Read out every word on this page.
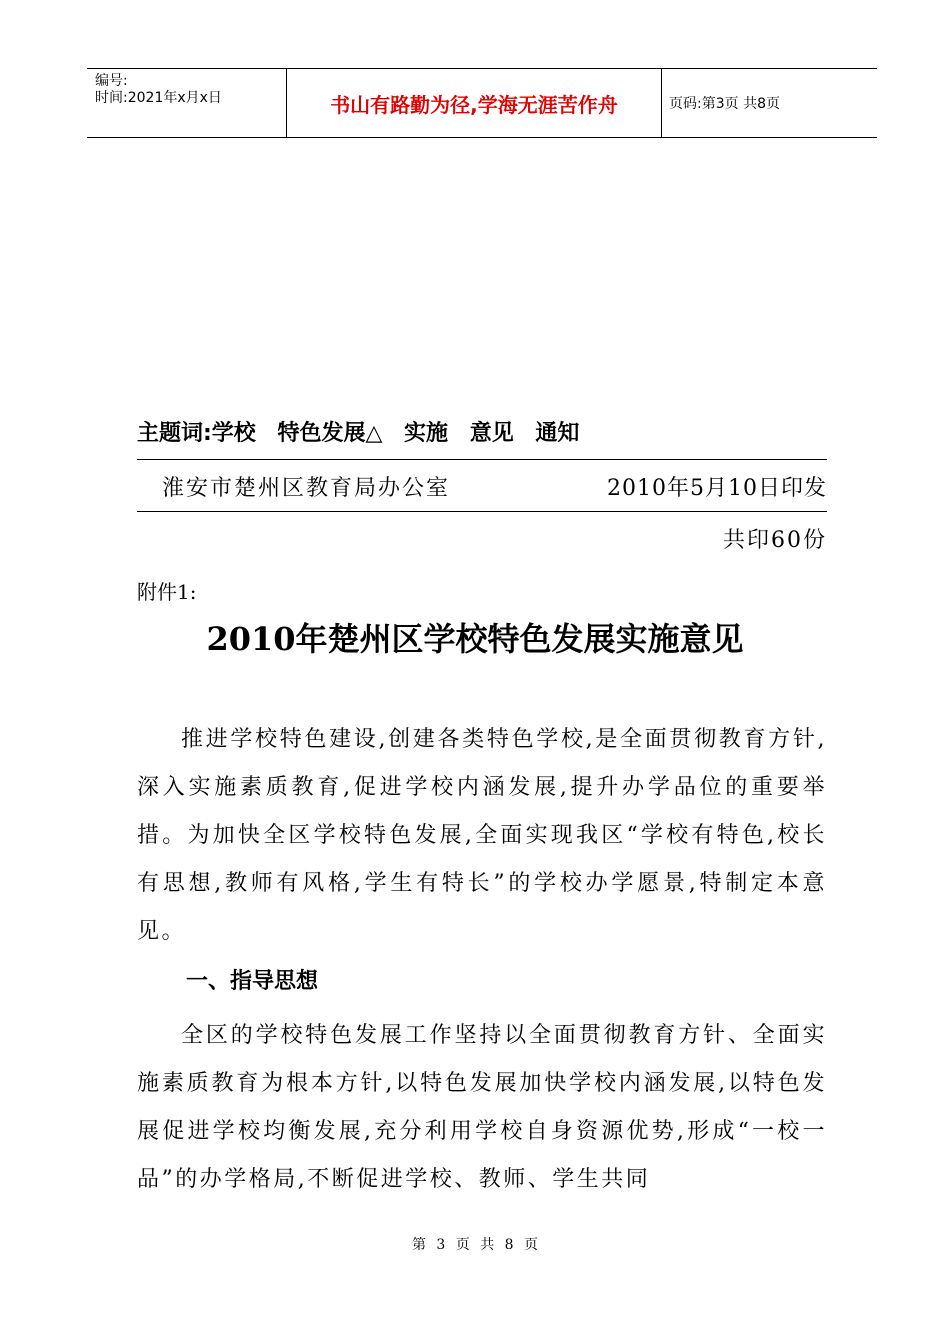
编号:
时间:2021年x月x日	书山有路勤为径,学海无涯苦作舟	页码:第3页 共8页
主题词:学校 特色发展△ 实施 意见 通知
淮安市楚州区教育局办公室	2010年5月10日印发
共印60份
附件1:
2010年楚州区学校特色发展实施意见

推进学校特色建设,创建各类特色学校,是全面贯彻教育方针,深入实施素质教育,促进学校内涵发展,提升办学品位的重要举措。为加快全区学校特色发展,全面实现我区“学校有特色,校长有思想,教师有风格,学生有特长”的学校办学愿景,特制定本意见。

一、指导思想

全区的学校特色发展工作坚持以全面贯彻教育方针、全面实施素质教育为根本方针,以特色发展加快学校内涵发展,以特色发展促进学校均衡发展,充分利用学校自身资源优势,形成“一校一品”的办学格局,不断促进学校、教师、学生共同

第 3 页 共 8 页
